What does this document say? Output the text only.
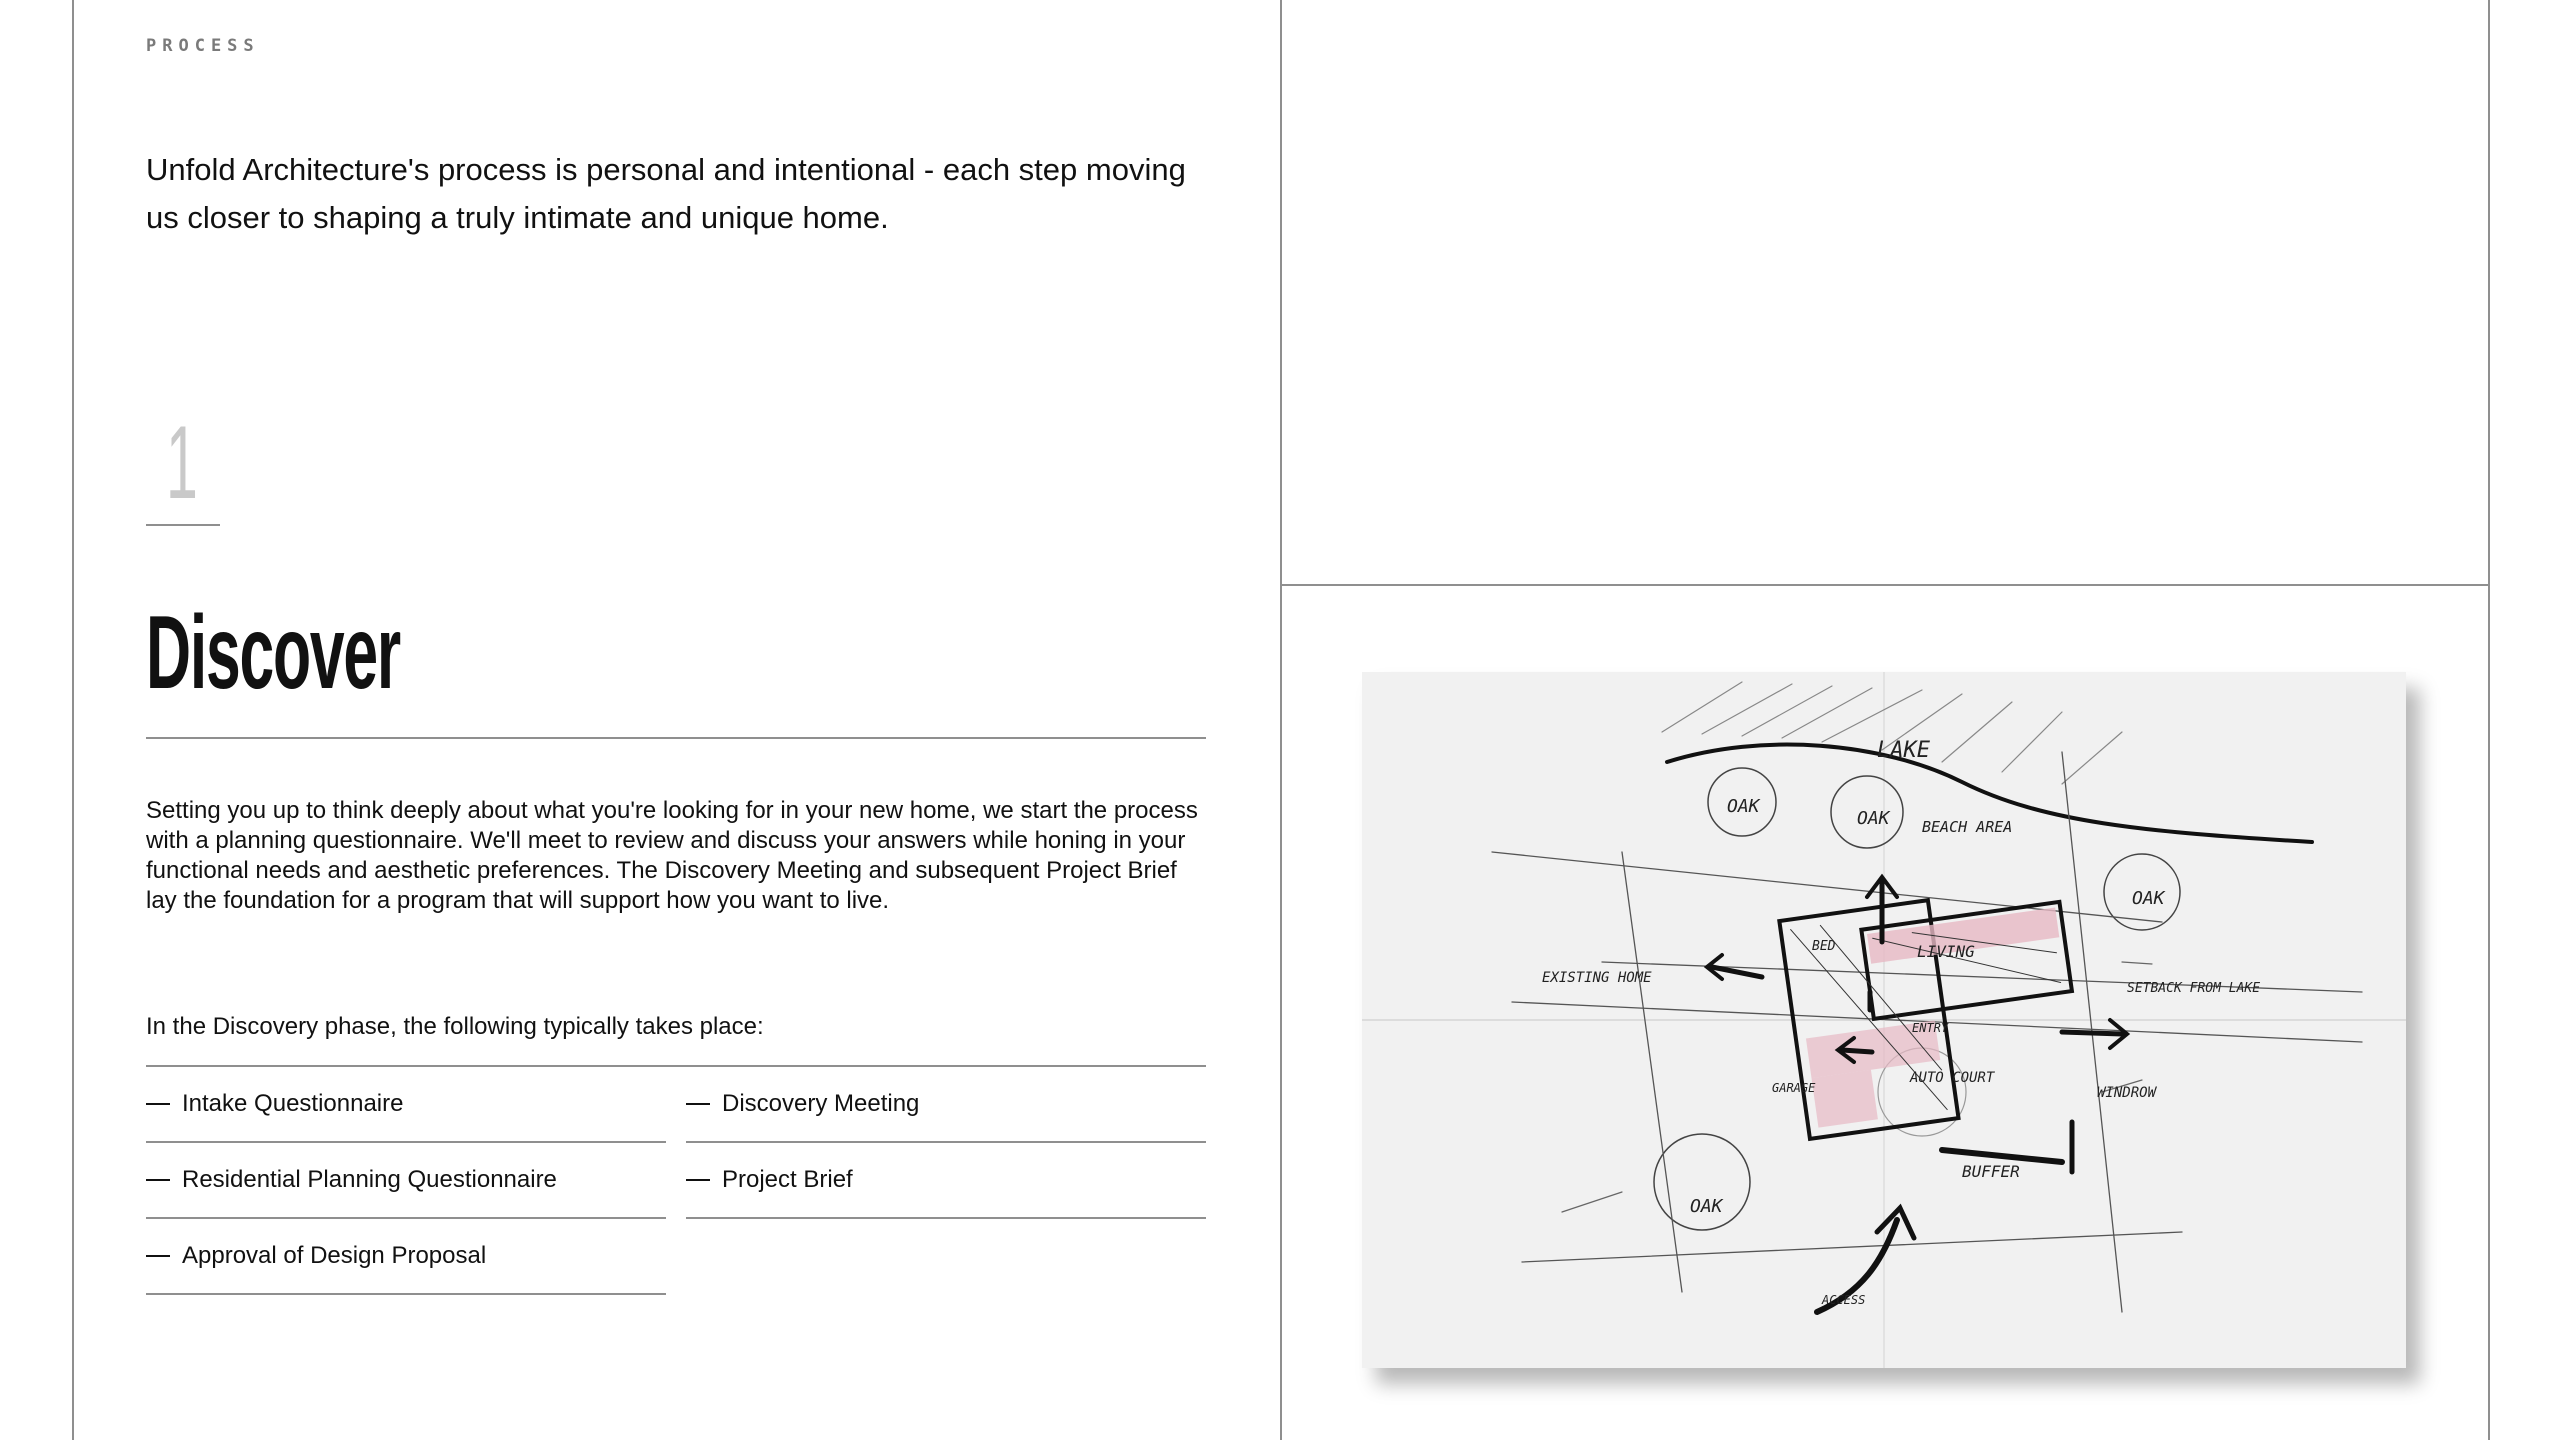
PROCESS

Unfold Architecture's process is personal and intentional - each step moving us closer to shaping a truly intimate and unique home.

1
Discover

Setting you up to think deeply about what you're looking for in your new home, we start the process with a planning questionnaire. We'll meet to review and discuss your answers while honing in your functional needs and aesthetic preferences. The Discovery Meeting and subsequent Project Brief lay the foundation for a program that will support how you want to live.

In the Discovery phase, the following typically takes place:

Intake Questionnaire	Discovery Meeting
Residential Planning Questionnaire	Project Brief
Approval of Design Proposal
LAKE
OAK
OAK
OAK
OAK
BEACH AREA
EXISTING HOME
LIVING
SETBACK FROM LAKE
WINDROW
AUTO COURT
BUFFER
BED
GARAGE
ENTRY
ACCESS
